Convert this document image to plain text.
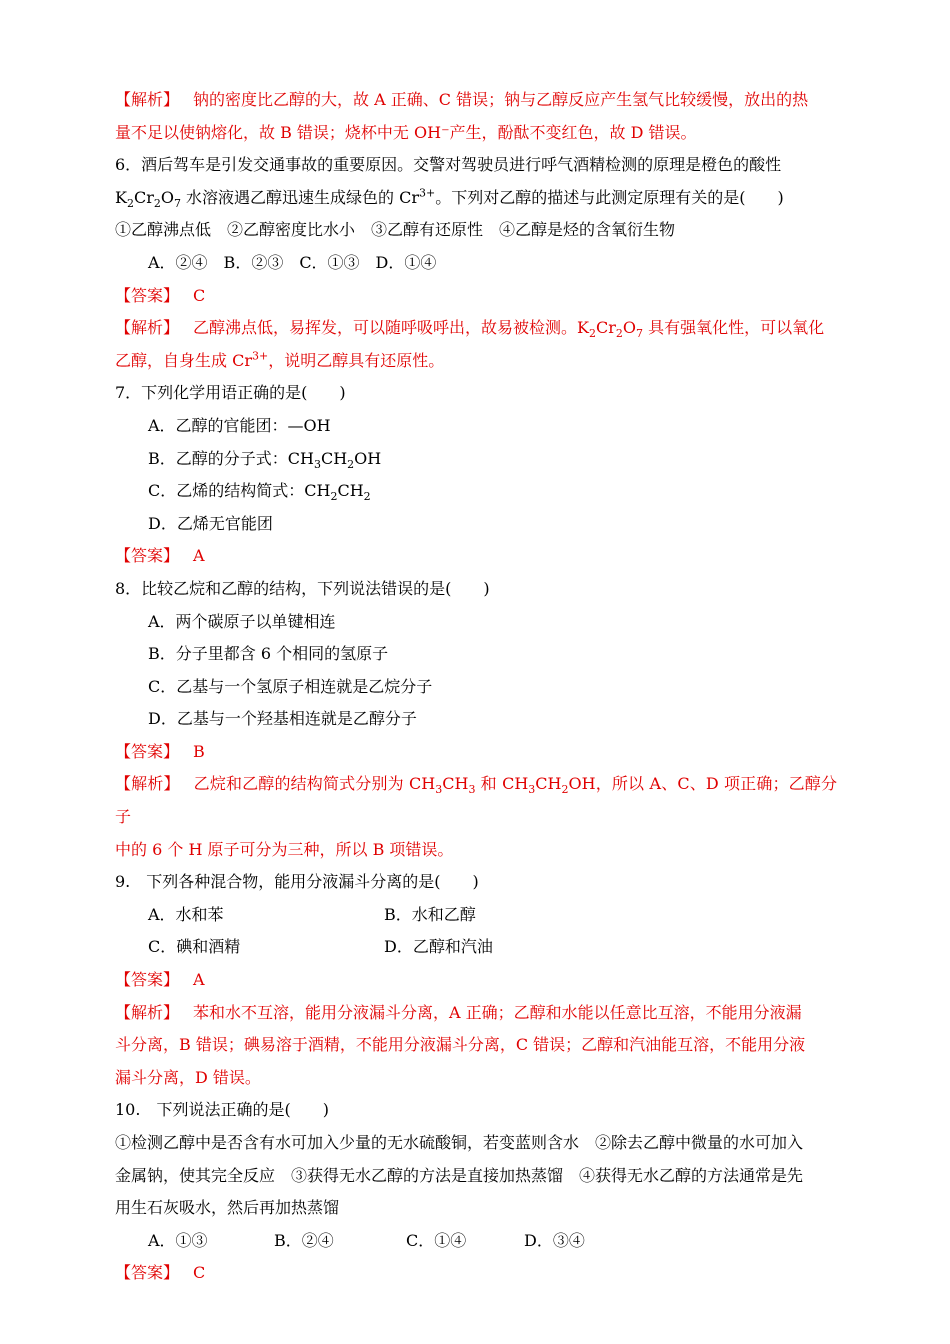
【解析】 钠的密度比乙醇的大，故 A 正确、C 错误；钠与乙醇反应产生氢气比较缓慢，放出的热

量不足以使钠熔化，故 B 错误；烧杯中无 OH⁻产生，酚酞不变红色，故 D 错误。

6．酒后驾车是引发交通事故的重要原因。交警对驾驶员进行呼气酒精检测的原理是橙色的酸性

$K_2Cr_2O_7$ 水溶液遇乙醇迅速生成绿色的 $Cr^{3+}$。下列对乙醇的描述与此测定原理有关的是(　　)

①乙醇沸点低　②乙醇密度比水小　③乙醇有还原性　④乙醇是烃的含氧衍生物

A．②④　B．②③　C．①③　D．①④

【答案】 C

【解析】 乙醇沸点低，易挥发，可以随呼吸呼出，故易被检测。$K_2Cr_2O_7$ 具有强氧化性，可以氧化

乙醇，自身生成 $Cr^{3+}$，说明乙醇具有还原性。

7．下列化学用语正确的是(　　)

A．乙醇的官能团：—OH

B．乙醇的分子式：$CH_3CH_2OH$

C．乙烯的结构简式：$CH_2CH_2$

D．乙烯无官能团

【答案】 A

8．比较乙烷和乙醇的结构，下列说法错误的是(　　)

A．两个碳原子以单键相连

B．分子里都含 6 个相同的氢原子

C．乙基与一个氢原子相连就是乙烷分子

D．乙基与一个羟基相连就是乙醇分子

【答案】 B

【解析】 乙烷和乙醇的结构简式分别为 $CH_3CH_3$ 和 $CH_3CH_2OH$，所以 A、C、D 项正确；乙醇分子

中的 6 个 H 原子可分为三种，所以 B 项错误。

9.　下列各种混合物，能用分液漏斗分离的是(　　)

A．水和苯	B．水和乙醇
C．碘和酒精	D．乙醇和汽油

【答案】 A

【解析】 苯和水不互溶，能用分液漏斗分离，A 正确；乙醇和水能以任意比互溶，不能用分液漏

斗分离，B 错误；碘易溶于酒精，不能用分液漏斗分离，C 错误；乙醇和汽油能互溶，不能用分液

漏斗分离，D 错误。

10.　下列说法正确的是(　　)

①检测乙醇中是否含有水可加入少量的无水硫酸铜，若变蓝则含水　②除去乙醇中微量的水可加入

金属钠，使其完全反应　③获得无水乙醇的方法是直接加热蒸馏　④获得无水乙醇的方法通常是先

用生石灰吸水，然后再加热蒸馏

A．①③	B．②④	C．①④	D．③④

【答案】 C
